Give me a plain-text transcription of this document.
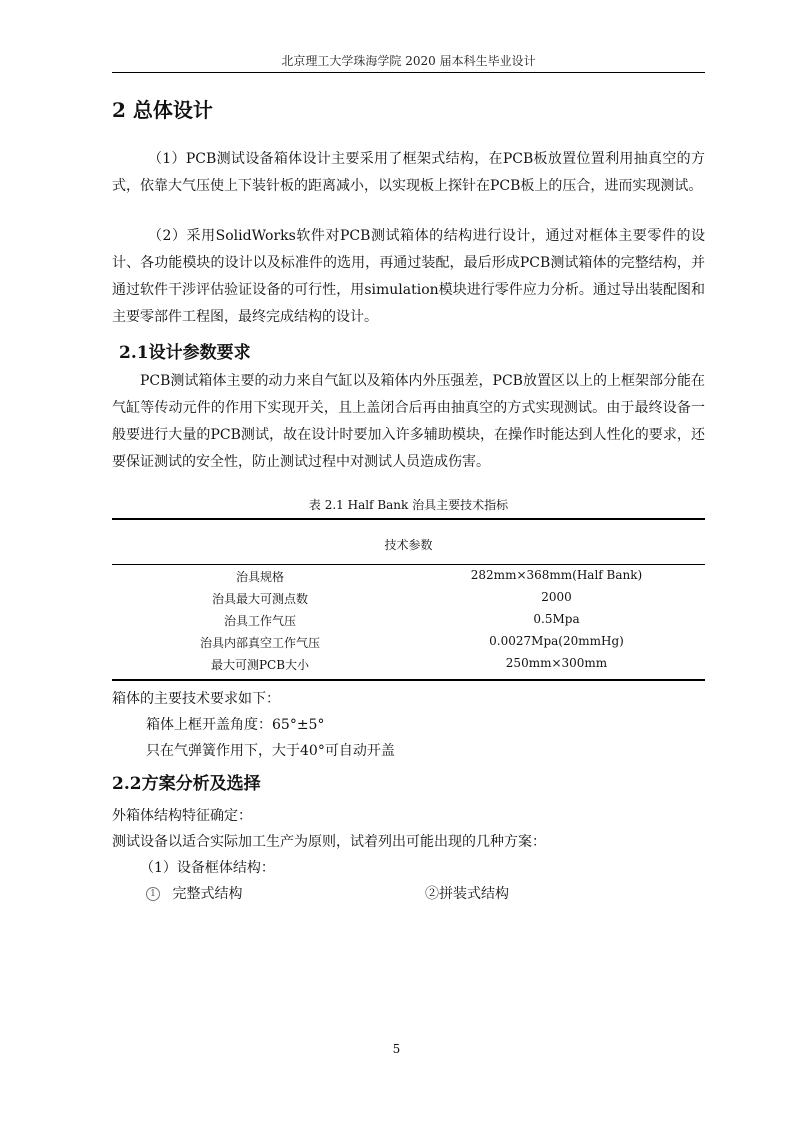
北京理工大学珠海学院 2020 届本科生毕业设计
2 总体设计
（1）PCB测试设备箱体设计主要采用了框架式结构，在PCB板放置位置利用抽真空的方式，依靠大气压使上下装针板的距离减小，以实现板上探针在PCB板上的压合，进而实现测试。
（2）采用SolidWorks软件对PCB测试箱体的结构进行设计，通过对框体主要零件的设计、各功能模块的设计以及标准件的选用，再通过装配，最后形成PCB测试箱体的完整结构，并通过软件干涉评估验证设备的可行性，用simulation模块进行零件应力分析。通过导出装配图和主要零部件工程图，最终完成结构的设计。
2.1设计参数要求
PCB测试箱体主要的动力来自气缸以及箱体内外压强差，PCB放置区以上的上框架部分能在气缸等传动元件的作用下实现开关，且上盖闭合后再由抽真空的方式实现测试。由于最终设备一般要进行大量的PCB测试，故在设计时要加入许多辅助模块，在操作时能达到人性化的要求，还要保证测试的安全性，防止测试过程中对测试人员造成伤害。
表 2.1 Half Bank 治具主要技术指标
技术参数
治具规格	282mm×368mm(Half Bank)
治具最大可测点数	2000
治具工作气压	0.5Mpa
治具内部真空工作气压	0.0027Mpa(20mmHg)
最大可测PCB大小	250mm×300mm
箱体的主要技术要求如下：
箱体上框开盖角度：65°±5°
只在气弹簧作用下，大于40°可自动开盖
2.2方案分析及选择
外箱体结构特征确定：
测试设备以适合实际加工生产为原则，试着列出可能出现的几种方案：
（1）设备框体结构：
1 完整式结构	②拼装式结构
5
